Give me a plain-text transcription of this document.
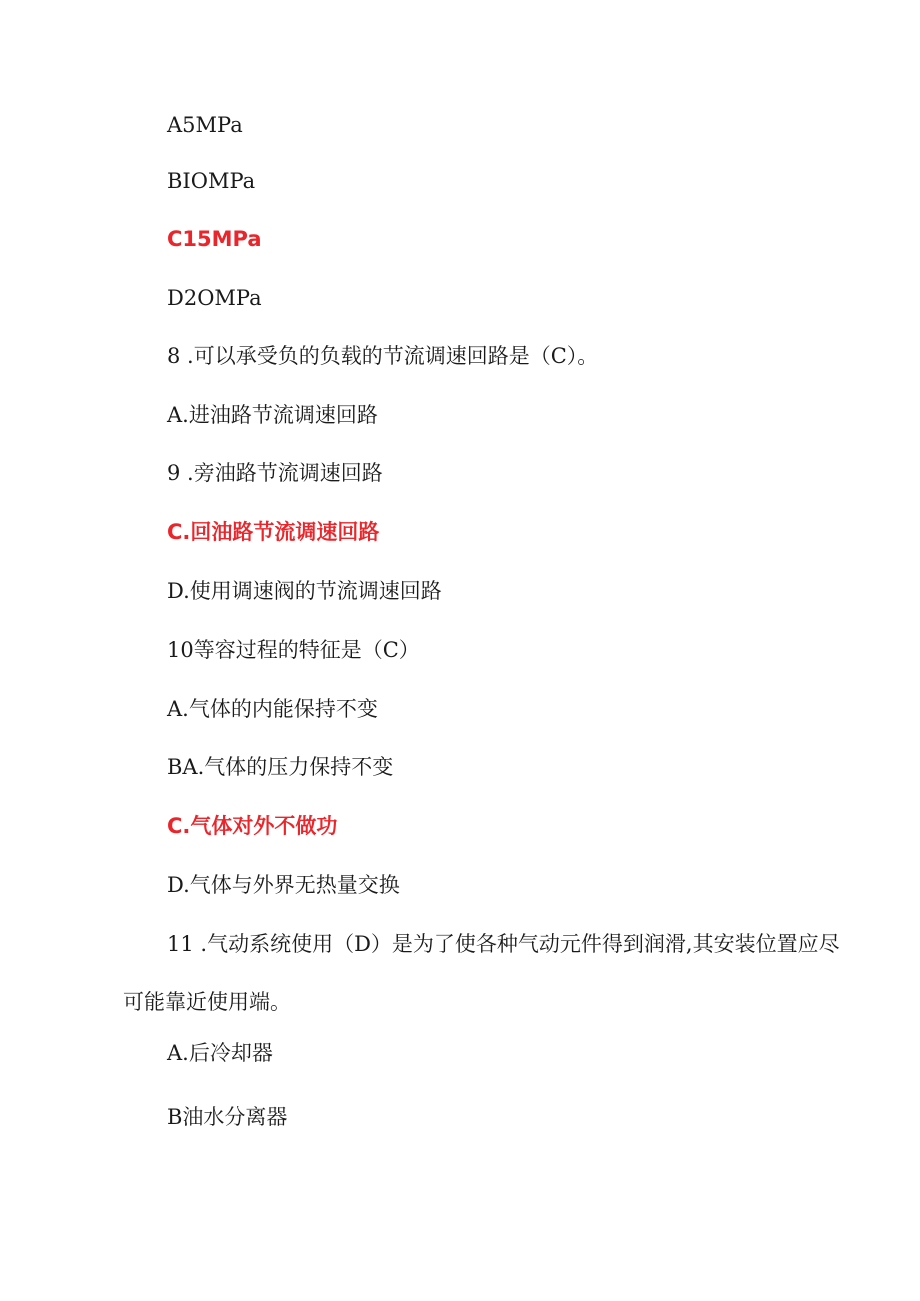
A5MPa
BIOMPa
C15MPa
D2OMPa
8 .可以承受负的负载的节流调速回路是（C）。
A.进油路节流调速回路
9 .旁油路节流调速回路
C.回油路节流调速回路
D.使用调速阀的节流调速回路
10等容过程的特征是（C）
A.气体的内能保持不变
BA.气体的压力保持不变
C.气体对外不做功
D.气体与外界无热量交换
11 .气动系统使用（D）是为了使各种气动元件得到润滑,其安装位置应尽可能靠近使用端。
A.后冷却器
B油水分离器
